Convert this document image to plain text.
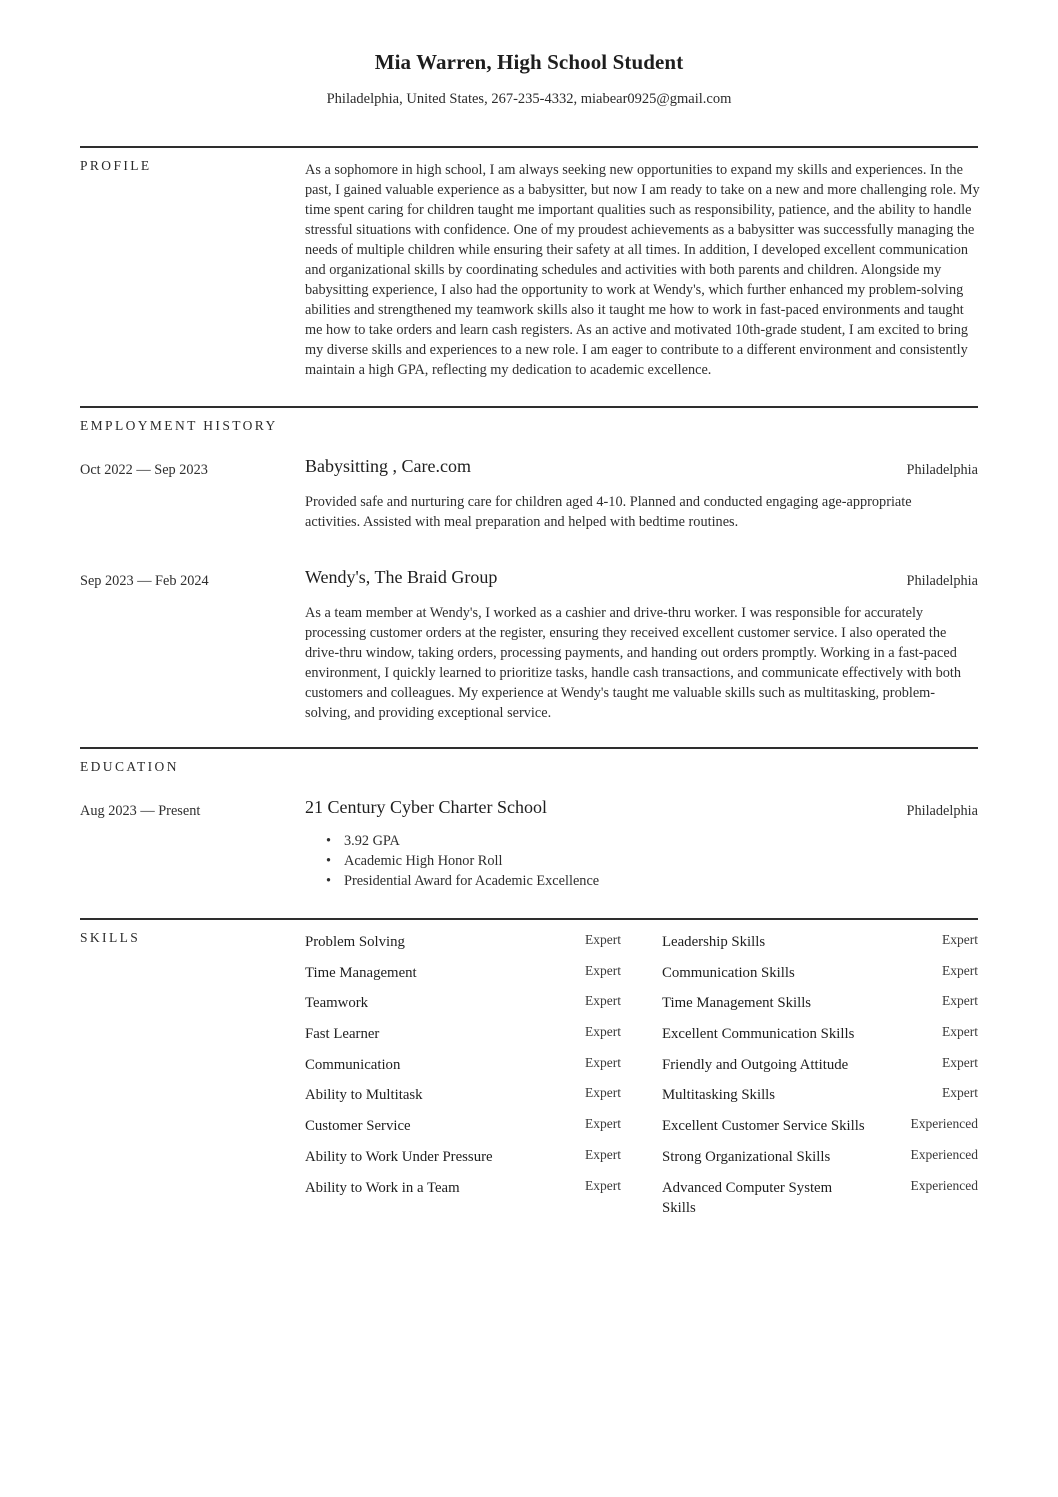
Mia Warren, High School Student
Philadelphia, United States, 267-235-4332, miabear0925@gmail.com
PROFILE	As a sophomore in high school, I am always seeking new opportunities to expand my skills and experiences. In the past, I gained valuable experience as a babysitter, but now I am ready to take on a new and more challenging role. My time spent caring for children taught me important qualities such as responsibility, patience, and the ability to handle stressful situations with confidence. One of my proudest achievements as a babysitter was successfully managing the needs of multiple children while ensuring their safety at all times. In addition, I developed excellent communication and organizational skills by coordinating schedules and activities with both parents and children. Alongside my babysitting experience, I also had the opportunity to work at Wendy's, which further enhanced my problem-solving abilities and strengthened my teamwork skills also it taught me how to work in fast-paced environments and taught me how to take orders and learn cash registers. As an active and motivated 10th-grade student, I am excited to bring my diverse skills and experiences to a new role. I am eager to contribute to a different environment and consistently maintain a high GPA, reflecting my dedication to academic excellence.
EMPLOYMENT HISTORY
Oct 2022 — Sep 2023	Babysitting , Care.com	Philadelphia
Provided safe and nurturing care for children aged 4-10. Planned and conducted engaging age-appropriate activities. Assisted with meal preparation and helped with bedtime routines.
Sep 2023 — Feb 2024	Wendy's, The Braid Group	Philadelphia
As a team member at Wendy's, I worked as a cashier and drive-thru worker. I was responsible for accurately processing customer orders at the register, ensuring they received excellent customer service. I also operated the drive-thru window, taking orders, processing payments, and handing out orders promptly. Working in a fast-paced environment, I quickly learned to prioritize tasks, handle cash transactions, and communicate effectively with both customers and colleagues. My experience at Wendy's taught me valuable skills such as multitasking, problem-solving, and providing exceptional service.
EDUCATION
Aug 2023 — Present	21 Century Cyber Charter School	Philadelphia
• 3.92 GPA
• Academic High Honor Roll
• Presidential Award for Academic Excellence
SKILLS	Problem Solving	Expert
Time Management	Expert
Teamwork	Expert
Fast Learner	Expert
Communication	Expert
Ability to Multitask	Expert
Customer Service	Expert
Ability to Work Under Pressure	Expert
Ability to Work in a Team	Expert
Leadership Skills	Expert
Communication Skills	Expert
Time Management Skills	Expert
Excellent Communication Skills	Expert
Friendly and Outgoing Attitude	Expert
Multitasking Skills	Expert
Excellent Customer Service Skills	Experienced
Strong Organizational Skills	Experienced
Advanced Computer System Skills
Experienced
